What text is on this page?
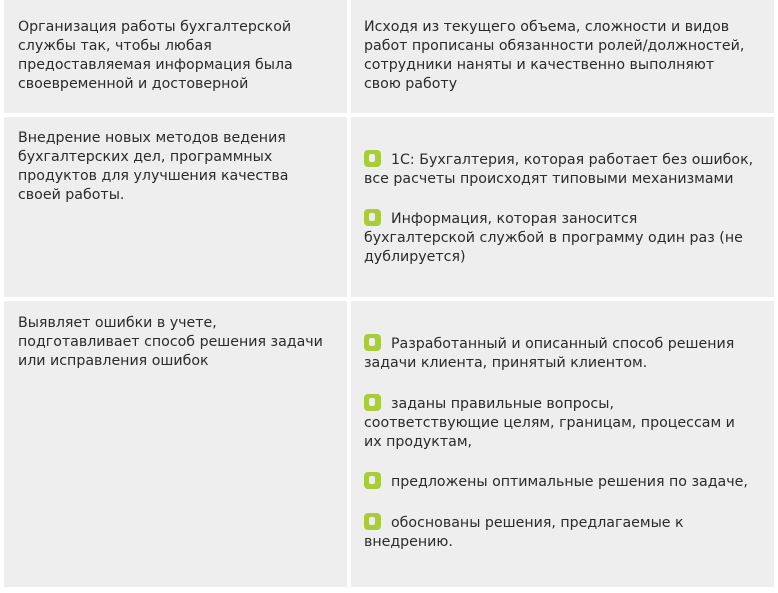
Организация работы бухгалтерской
службы так, чтобы любая
предоставляемая информация была
своевременной и достоверной

Исходя из текущего объема, сложности и видов
работ прописаны обязанности ролей/должностей,
сотрудники наняты и качественно выполняют
свою работу

Внедрение новых методов ведения
бухгалтерских дел, программных
продуктов для улучшения качества
своей работы.

1С: Бухгалтерия, которая работает без ошибок,
все расчеты происходят типовыми механизмами
Информация, которая заносится
бухгалтерской службой в программу один раз (не
дублируется)

Выявляет ошибки в учете,
подготавливает способ решения задачи
или исправления ошибок

Разработанный и описанный способ решения
задачи клиента, принятый клиентом.
заданы правильные вопросы,
соответствующие целям, границам, процессам и
их продуктам,
предложены оптимальные решения по задаче,
обоснованы решения, предлагаемые к
внедрению.
